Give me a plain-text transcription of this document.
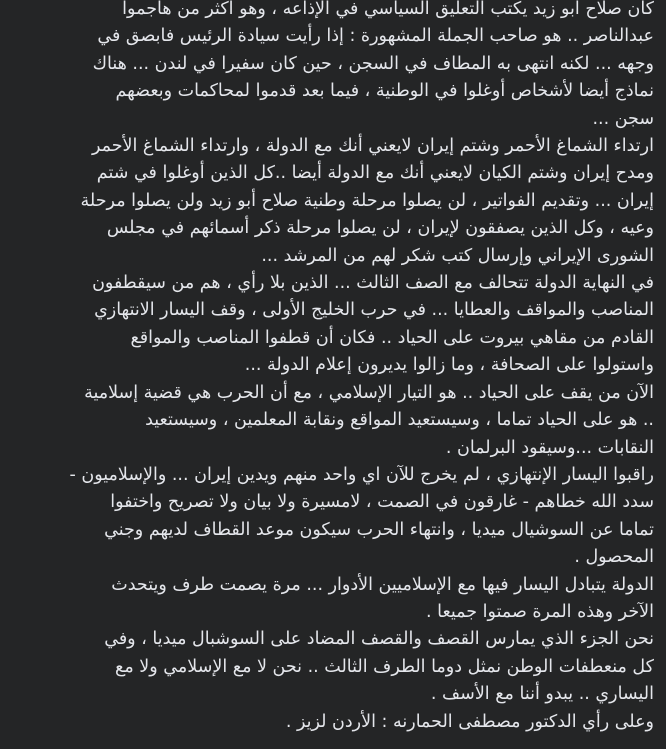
كان صلاح ابو زيد يكتب التعليق السياسي في الإذاعه ، وهو أكثر من هاجموا
عبدالناصر .. هو صاحب الجملة المشهورة : إذا رأيت سيادة الرئيس فابصق في
وجهه ... لكنه انتهى به المطاف في السجن ، حين كان سفيرا في لندن ... هناك
نماذج أيضا لأشخاص أوغلوا في الوطنية ، فيما بعد قدموا لمحاكمات وبعضهم
سجن ...
ارتداء الشماغ الأحمر وشتم إيران لايعني أنك مع الدولة ، وارتداء الشماغ الأحمر
ومدح إيران وشتم الكيان لايعني أنك مع الدولة أيضا ..كل الذين أوغلوا في شتم
إيران ... وتقديم الفواتير ، لن يصلوا مرحلة وطنية صلاح أبو زيد ولن يصلوا مرحلة
وعيه ، وكل الذين يصفقون لإيران ، لن يصلوا مرحلة ذكر أسمائهم في مجلس
الشورى الإيراني وإرسال كتب شكر لهم من المرشد ...
في النهاية الدولة تتحالف مع الصف الثالث ... الذين بلا رأي ، هم من سيقطفون
المناصب والمواقف والعطايا ... في حرب الخليج الأولى ، وقف اليسار الانتهازي
القادم من مقاهي بيروت على الحياد .. فكان أن قطفوا المناصب والمواقع
واستولوا على الصحافة ، وما زالوا يديرون إعلام الدولة ...
الآن من يقف على الحياد .. هو التيار الإسلامي ، مع أن الحرب هي قضية إسلامية
.. هو على الحياد تماما ، وسيستعيد المواقع ونقابة المعلمين ، وسيستعيد
النقابات ...وسيقود البرلمان .
راقبوا اليسار الإنتهازي ، لم يخرج للآن اي واحد منهم ويدين إيران ... والإسلاميون -
سدد الله خطاهم - غارقون في الصمت ، لامسيرة ولا بيان ولا تصريح واختفوا
تماما عن السوشيال ميديا ، وانتهاء الحرب سيكون موعد القطاف لديهم وجني
المحصول .
الدولة يتبادل اليسار فيها مع الإسلاميين الأدوار ... مرة يصمت طرف ويتحدث
الآخر وهذه المرة صمتوا جميعا .
نحن الجزء الذي يمارس القصف والقصف المضاد على السوشبال ميديا ، وفي
كل منعطفات الوطن نمثل دوما الطرف الثالث .. نحن لا مع الإسلامي ولا مع
اليساري .. يبدو أننا مع الأسف .
وعلى رأي الدكتور مصطفى الحمارنه : الأردن لزيز .
